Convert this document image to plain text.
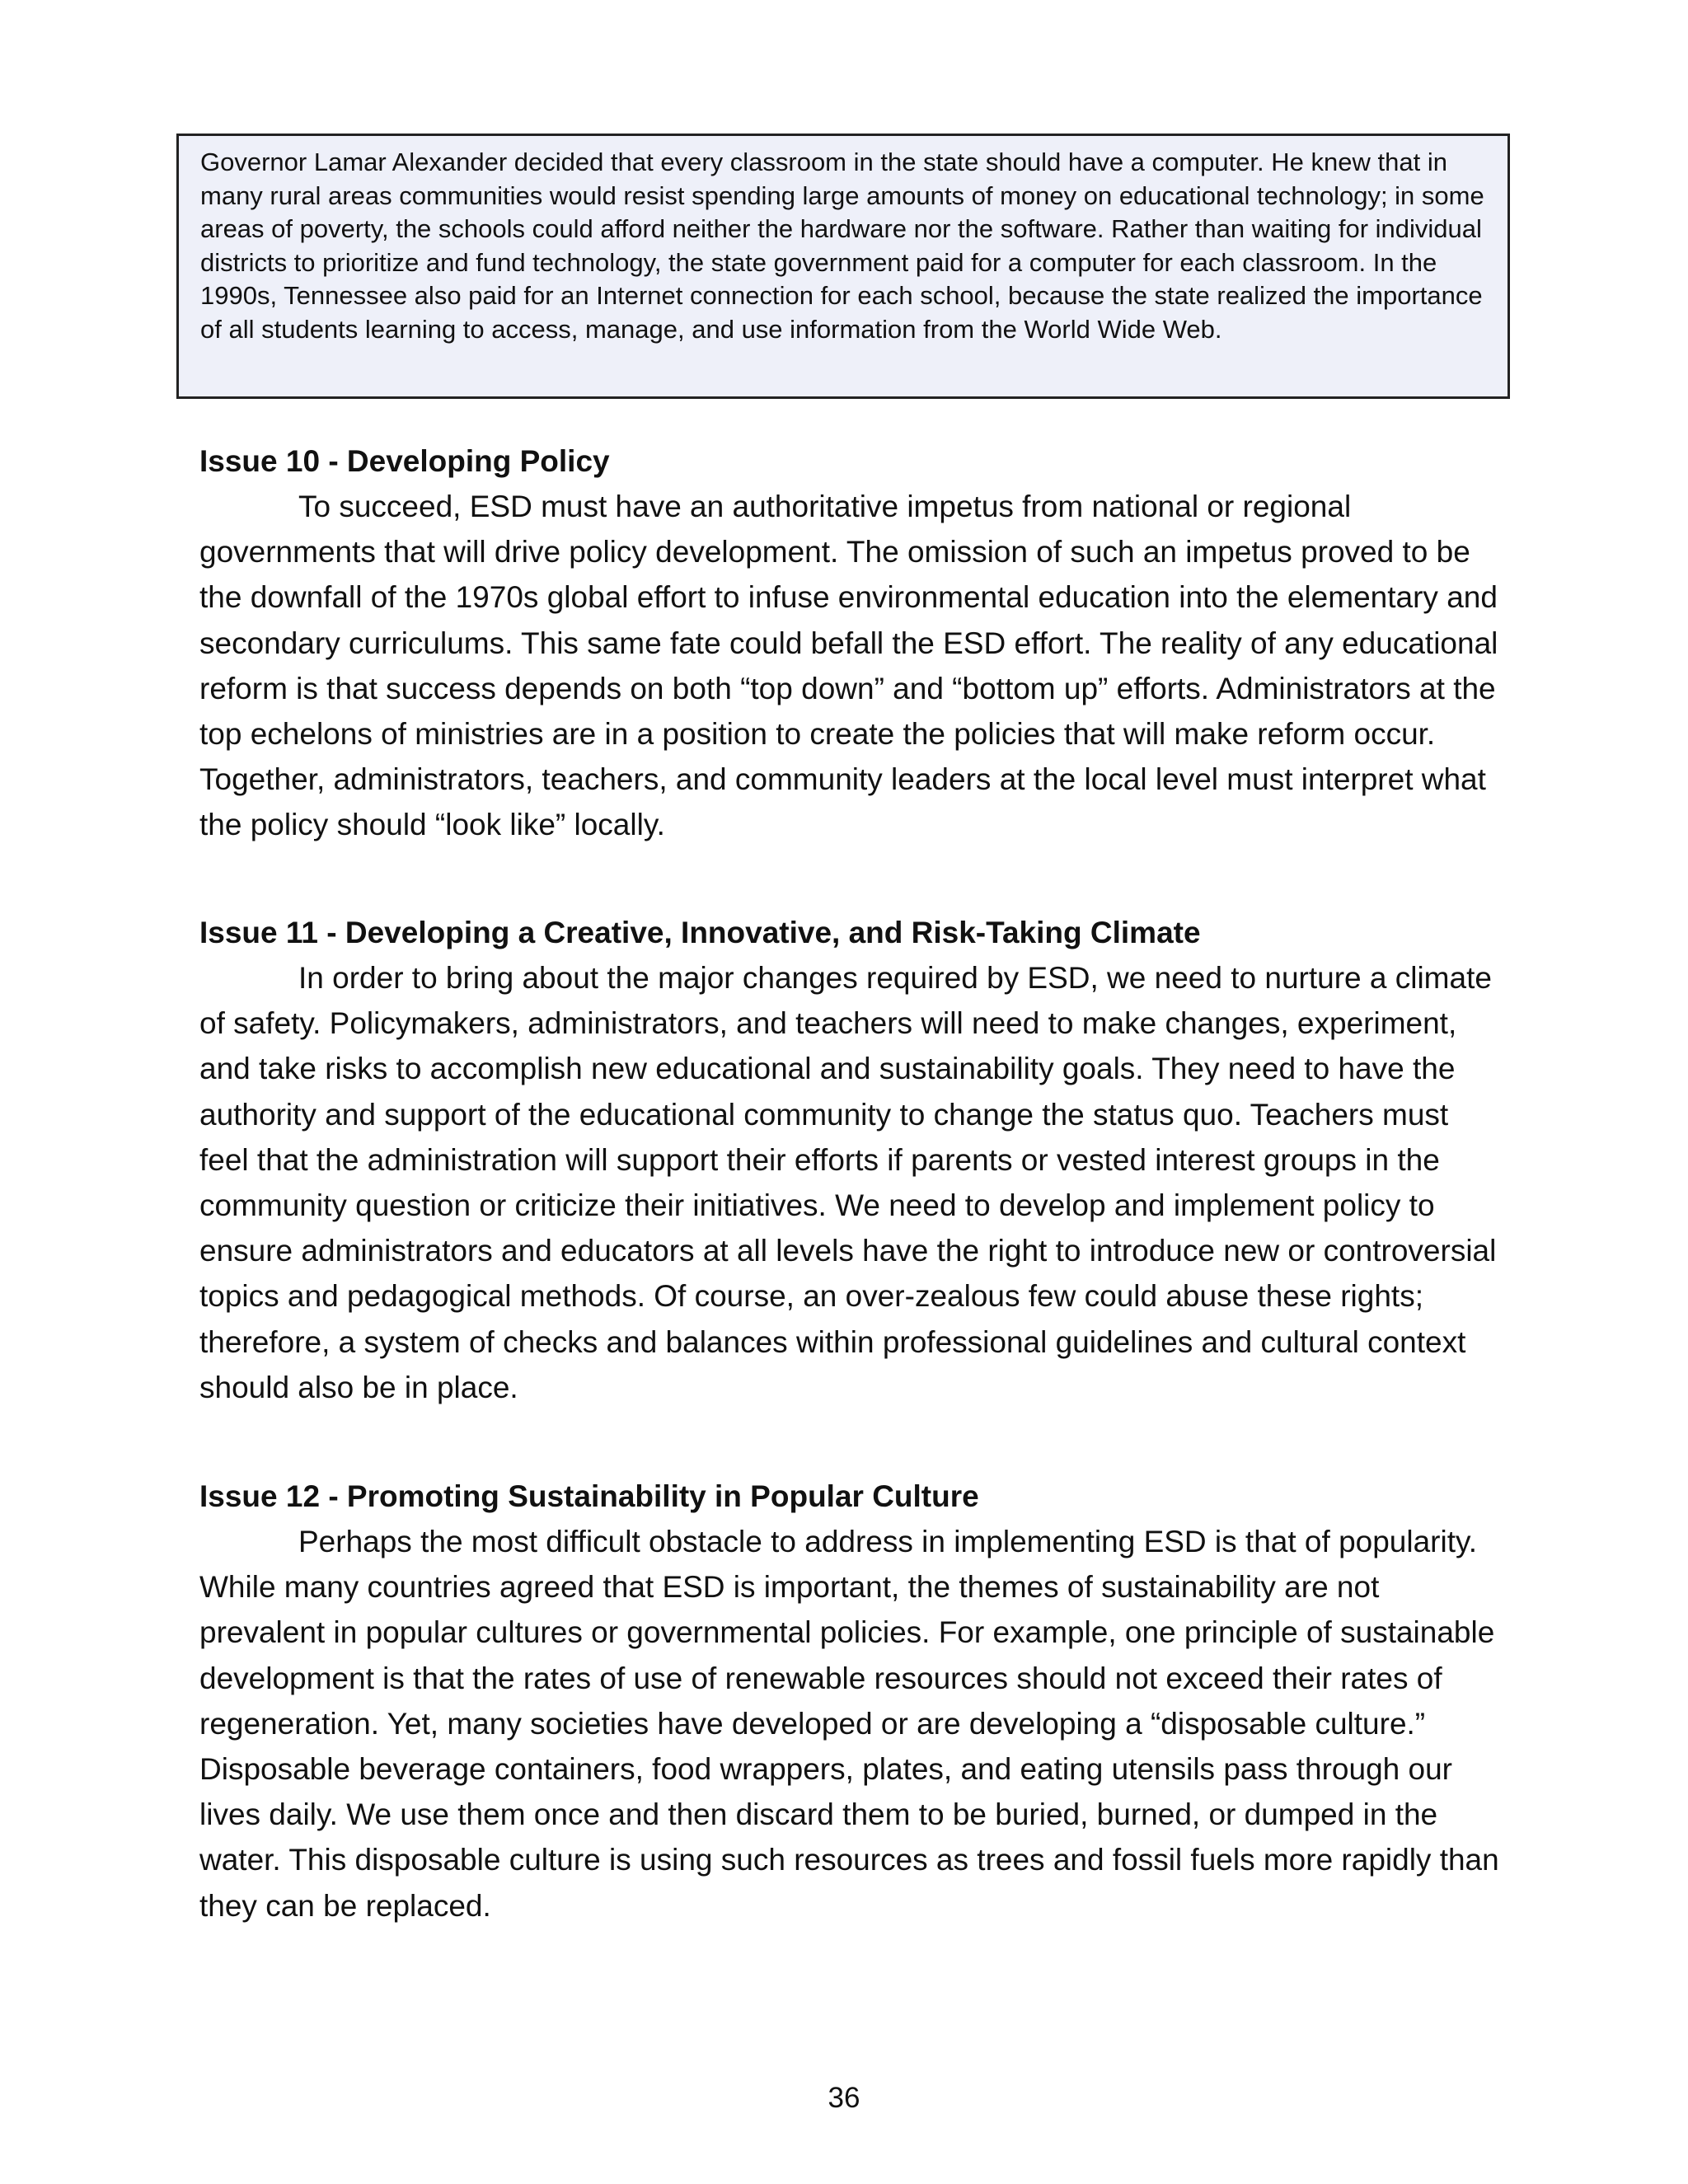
Governor Lamar Alexander decided that every classroom in the state should have a computer. He knew that in many rural areas communities would resist spending large amounts of money on educational technology; in some areas of poverty, the schools could afford neither the hardware nor the software. Rather than waiting for individual districts to prioritize and fund technology, the state government paid for a computer for each classroom. In the 1990s, Tennessee also paid for an Internet connection for each school, because the state realized the importance of all students learning to access, manage, and use information from the World Wide Web.

Issue 10 - Developing Policy

To succeed, ESD must have an authoritative impetus from national or regional governments that will drive policy development. The omission of such an impetus proved to be the downfall of the 1970s global effort to infuse environmental education into the elementary and secondary curriculums. This same fate could befall the ESD effort. The reality of any educational reform is that success depends on both “top down” and “bottom up” efforts. Administrators at the top echelons of ministries are in a position to create the policies that will make reform occur. Together, administrators, teachers, and community leaders at the local level must interpret what the policy should “look like” locally.

Issue 11 - Developing a Creative, Innovative, and Risk-Taking Climate

In order to bring about the major changes required by ESD, we need to nurture a climate of safety. Policymakers, administrators, and teachers will need to make changes, experiment, and take risks to accomplish new educational and sustainability goals. They need to have the authority and support of the educational community to change the status quo. Teachers must feel that the administration will support their efforts if parents or vested interest groups in the community question or criticize their initiatives. We need to develop and implement policy to ensure administrators and educators at all levels have the right to introduce new or controversial topics and pedagogical methods. Of course, an over-zealous few could abuse these rights; therefore, a system of checks and balances within professional guidelines and cultural context should also be in place.

Issue 12 - Promoting Sustainability in Popular Culture

Perhaps the most difficult obstacle to address in implementing ESD is that of popularity. While many countries agreed that ESD is important, the themes of sustainability are not prevalent in popular cultures or governmental policies. For example, one principle of sustainable development is that the rates of use of renewable resources should not exceed their rates of regeneration. Yet, many societies have developed or are developing a “disposable culture.” Disposable beverage containers, food wrappers, plates, and eating utensils pass through our lives daily. We use them once and then discard them to be buried, burned, or dumped in the water. This disposable culture is using such resources as trees and fossil fuels more rapidly than they can be replaced.

36
